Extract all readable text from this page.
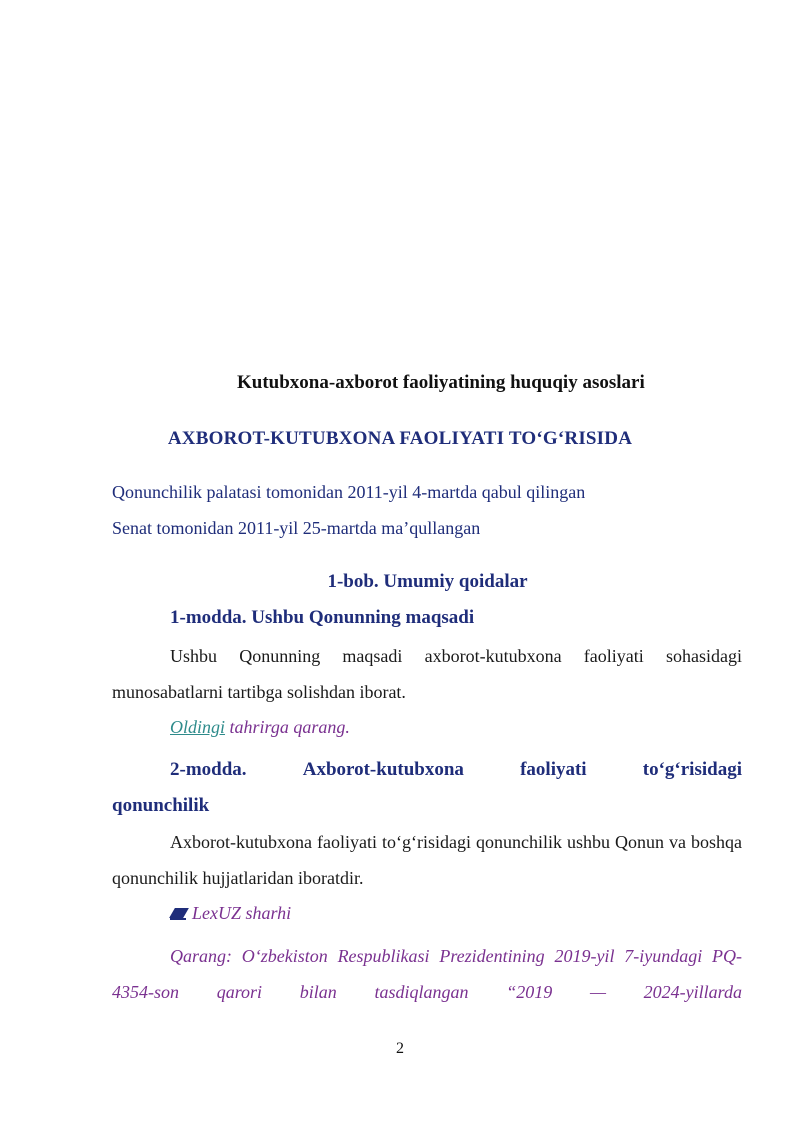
Kutubxona-axborot faoliyatining huquqiy asoslari
AXBOROT-KUTUBXONA FAOLIYATI TO‘G‘RISIDA
Qonunchilik palatasi tomonidan 2011-yil 4-martda qabul qilingan
Senat tomonidan 2011-yil 25-martda ma’qullangan
1-bob. Umumiy qoidalar
1-modda. Ushbu Qonunning maqsadi
Ushbu Qonunning maqsadi axborot-kutubxona faoliyati sohasidagi munosabatlarni tartibga solishdan iborat.
Oldingi tahrirga qarang.
2-modda.	Axborot-kutubxona	faoliyati	to‘g‘risidagi
qonunchilik
Axborot-kutubxona faoliyati to‘g‘risidagi qonunchilik ushbu Qonun va boshqa qonunchilik hujjatlaridan iboratdir.
LexUZ sharhi
Qarang: O‘zbekiston Respublikasi Prezidentining 2019-yil 7-iyundagi PQ-4354-son qarori bilan tasdiqlangan “2019 — 2024-yillarda
2
